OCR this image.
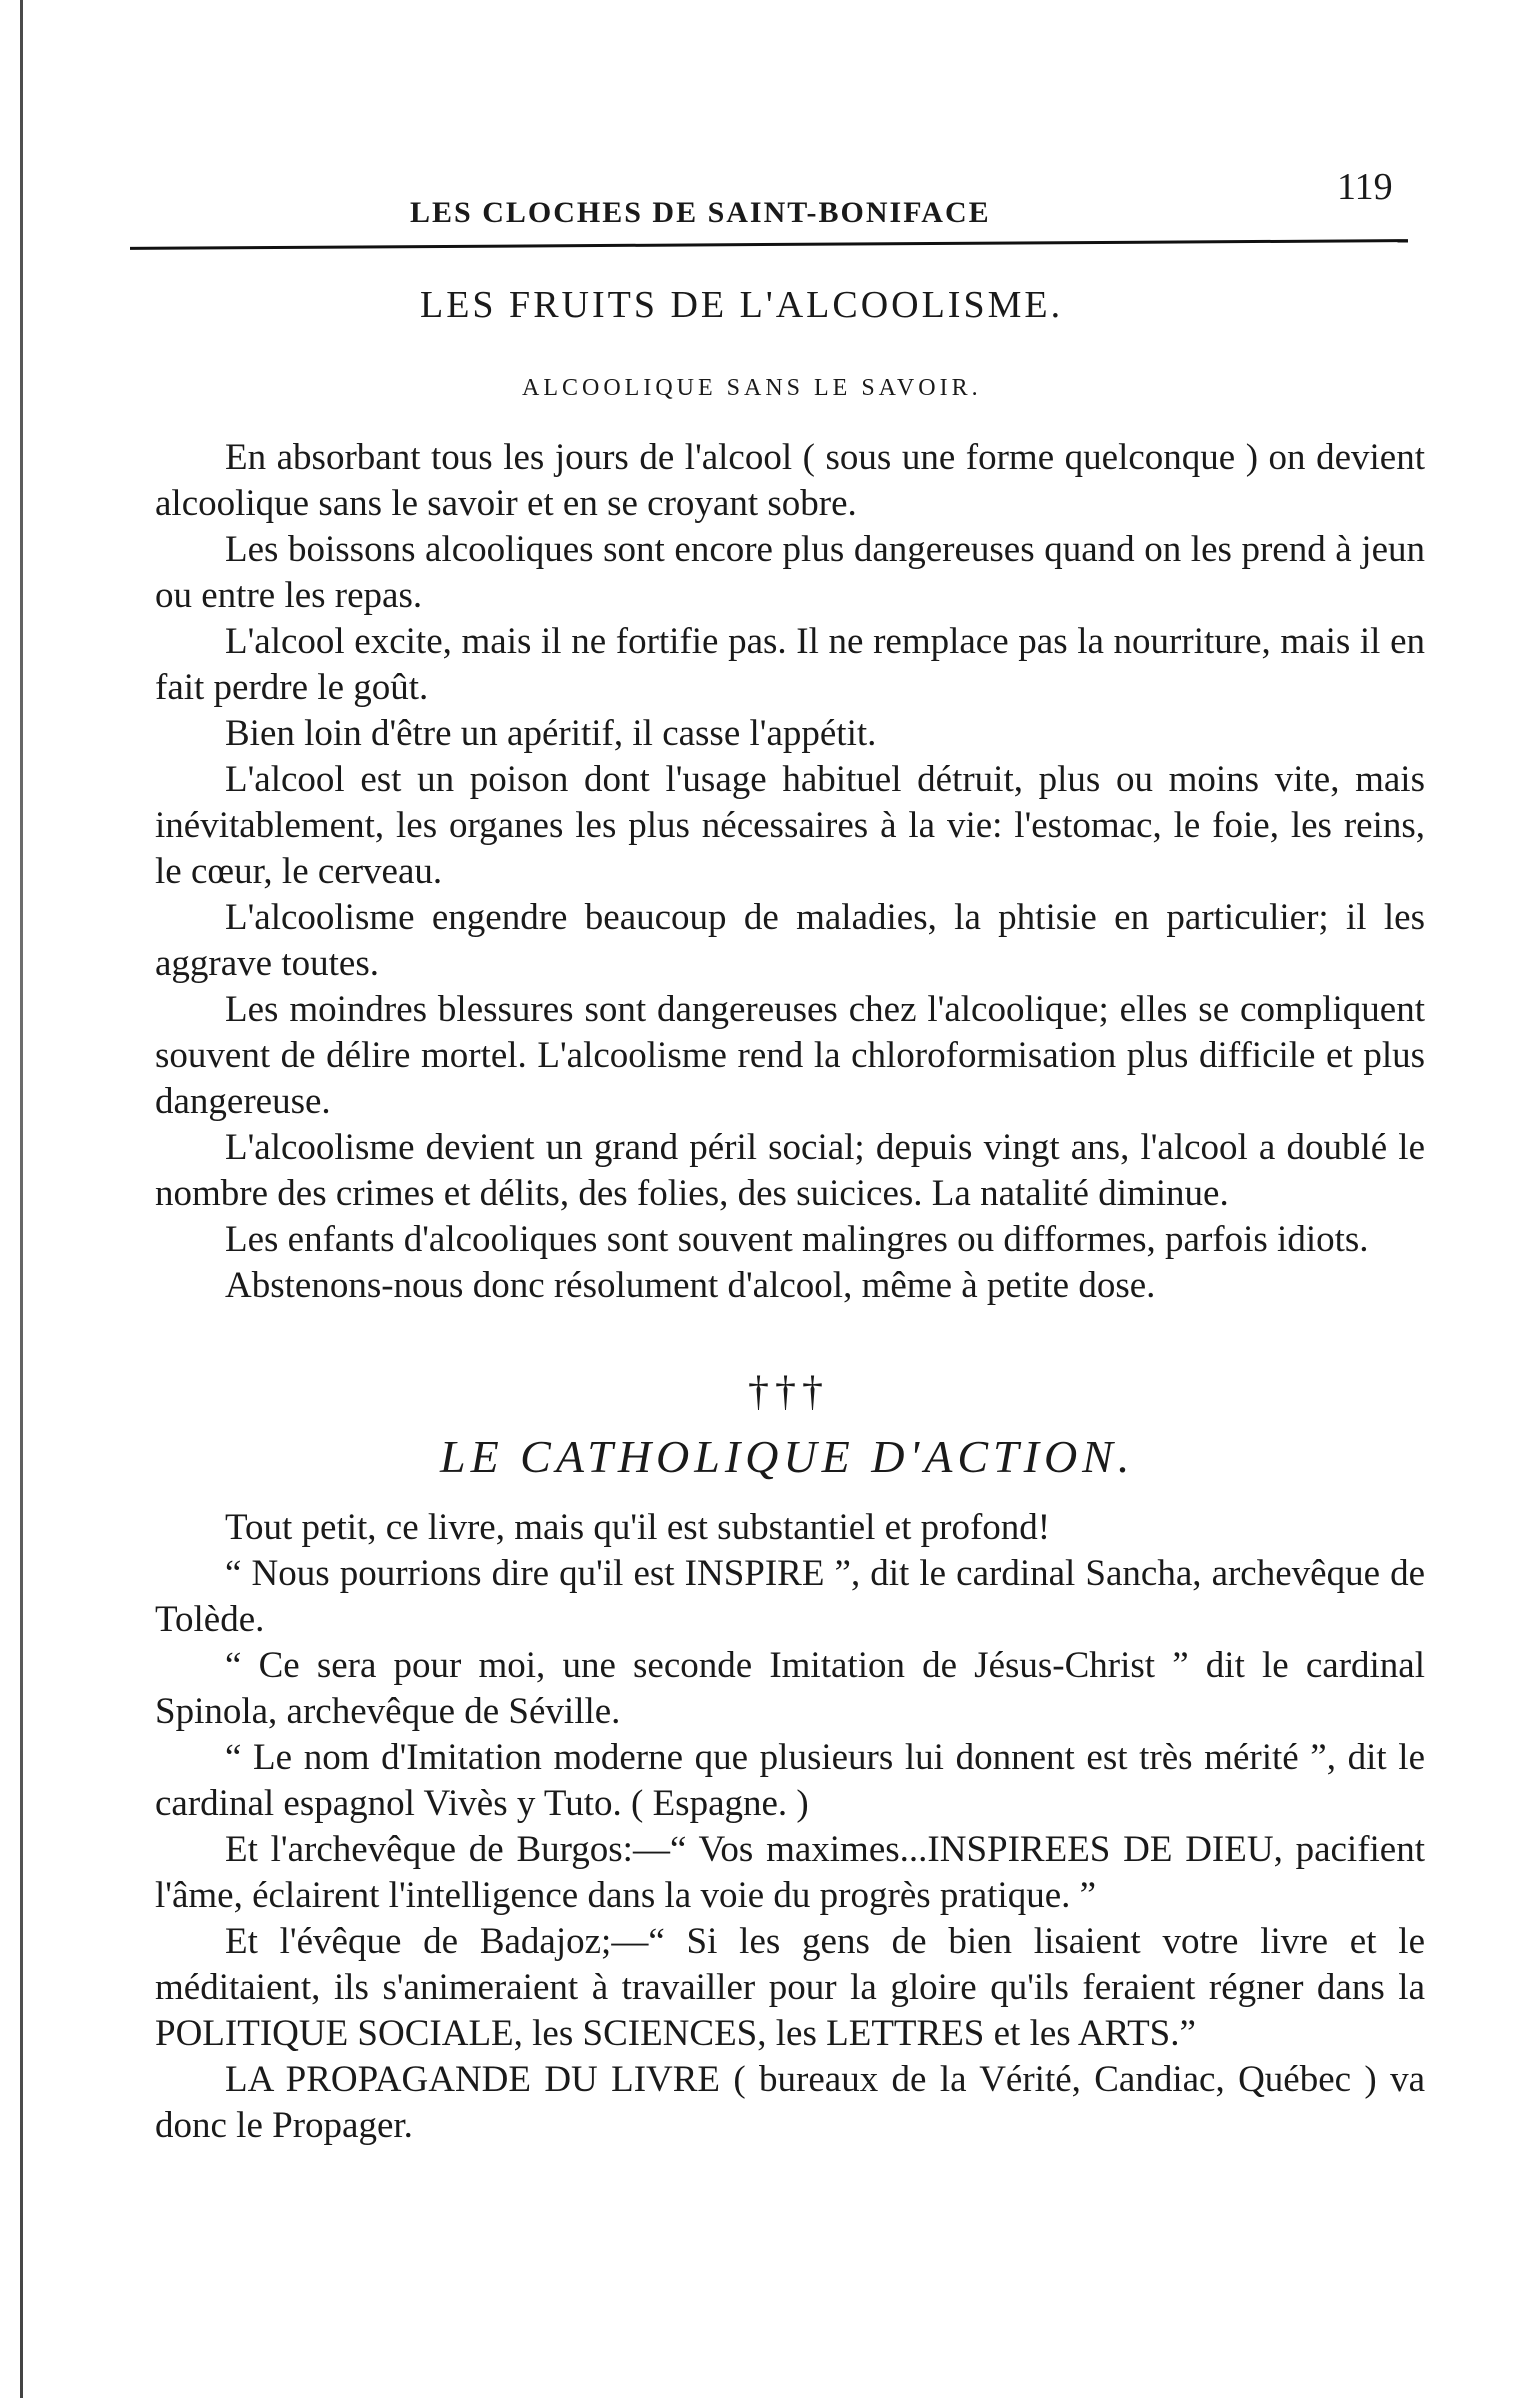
LES CLOCHES DE SAINT-BONIFACE
119
LES FRUITS DE L'ALCOOLISME.
ALCOOLIQUE SANS LE SAVOIR.

En absorbant tous les jours de l'alcool ( sous une forme quelconque ) on devient alcoolique sans le savoir et en se croyant sobre.

Les boissons alcooliques sont encore plus dangereuses quand on les prend à jeun ou entre les repas.

L'alcool excite, mais il ne fortifie pas. Il ne remplace pas la nourriture, mais il en fait perdre le goût.

Bien loin d'être un apéritif, il casse l'appétit.

L'alcool est un poison dont l'usage habituel détruit, plus ou moins vite, mais inévitablement, les organes les plus nécessaires à la vie: l'estomac, le foie, les reins, le cœur, le cerveau.

L'alcoolisme engendre beaucoup de maladies, la phtisie en particulier; il les aggrave toutes.

Les moindres blessures sont dangereuses chez l'alcoolique; elles se compliquent souvent de délire mortel. L'alcoolisme rend la chloroformisation plus difficile et plus dangereuse.

L'alcoolisme devient un grand péril social; depuis vingt ans, l'alcool a doublé le nombre des crimes et délits, des folies, des suicices. La natalité diminue.

Les enfants d'alcooliques sont souvent malingres ou difformes, parfois idiots.

Abstenons-nous donc résolument d'alcool, même à petite dose.

†††
LE CATHOLIQUE D'ACTION.

Tout petit, ce livre, mais qu'il est substantiel et profond!

“ Nous pourrions dire qu'il est INSPIRE ”, dit le cardinal Sancha, archevêque de Tolède.

“ Ce sera pour moi, une seconde Imitation de Jésus-Christ ” dit le cardinal Spinola, archevêque de Séville.

“ Le nom d'Imitation moderne que plusieurs lui donnent est très mérité ”, dit le cardinal espagnol Vivès y Tuto. ( Espagne. )

Et l'archevêque de Burgos:—“ Vos maximes...INSPIREES DE DIEU, pacifient l'âme, éclairent l'intelligence dans la voie du progrès pratique. ”

Et l'évêque de Badajoz;—“ Si les gens de bien lisaient votre livre et le méditaient, ils s'animeraient à travailler pour la gloire qu'ils feraient régner dans la POLITIQUE SOCIALE, les SCIENCES, les LETTRES et les ARTS.”

LA PROPAGANDE DU LIVRE ( bureaux de la Vérité, Candiac, Québec ) va donc le Propager.
